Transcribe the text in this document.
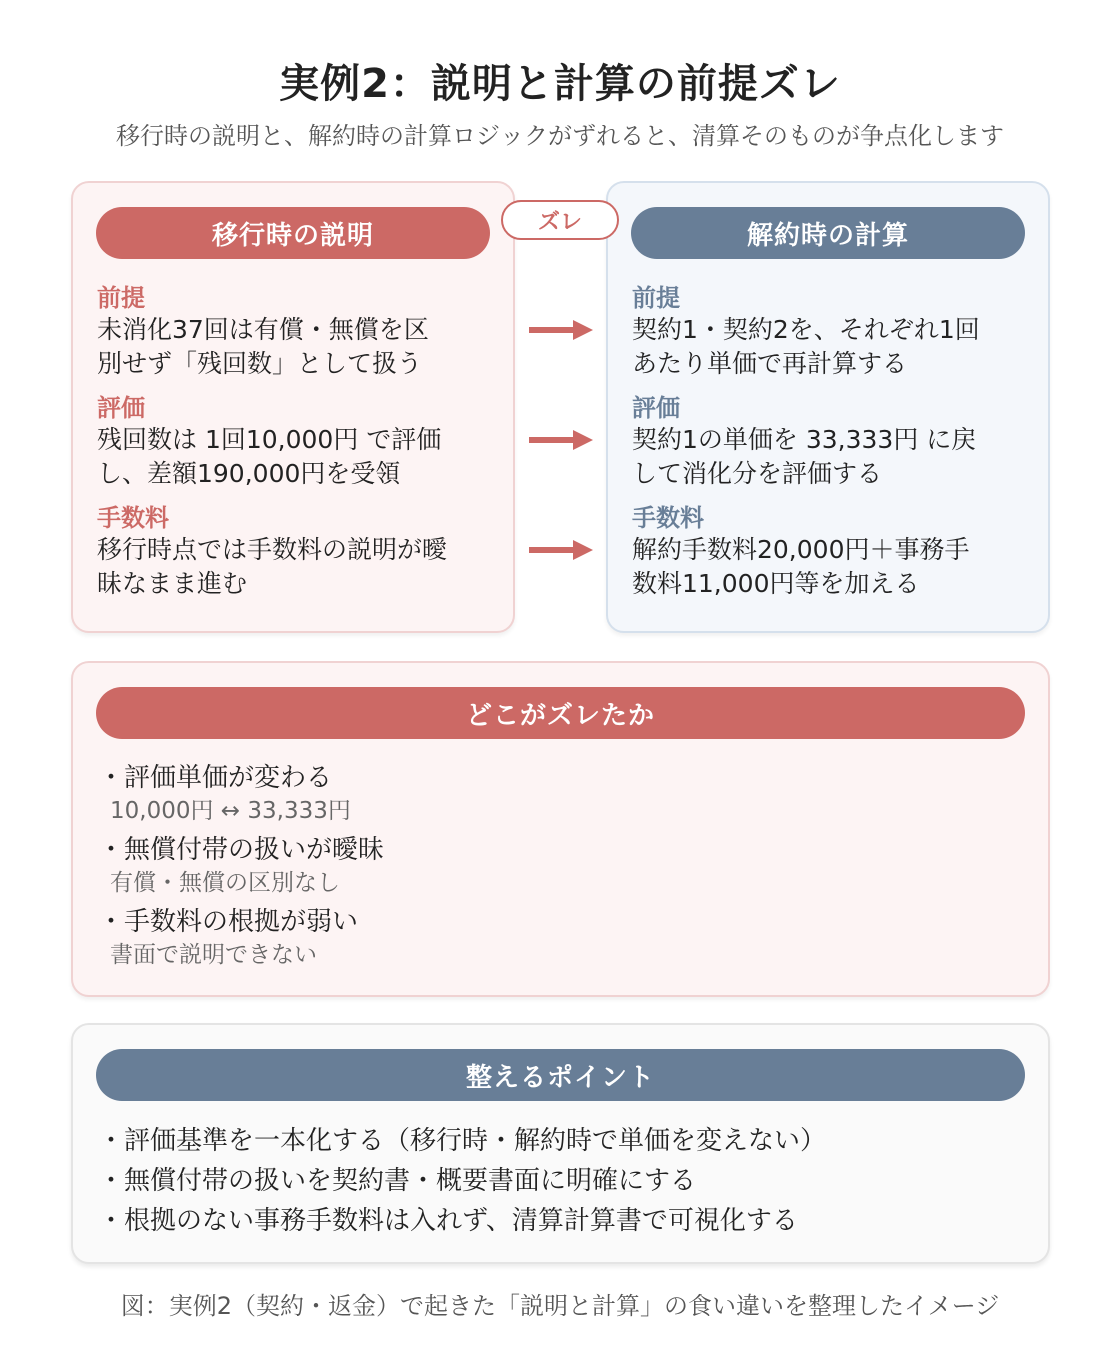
実例2：説明と計算の前提ズレ
移行時の説明と、解約時の計算ロジックがずれると、清算そのものが争点化します
移行時の説明
前提
未消化37回は有償・無償を区
別せず「残回数」として扱う
評価
残回数は 1回10,000円 で評価
し、差額190,000円を受領
手数料
移行時点では手数料の説明が曖
昧なまま進む
解約時の計算
前提
契約1・契約2を、それぞれ1回
あたり単価で再計算する
評価
契約1の単価を 33,333円 に戻
して消化分を評価する
手数料
解約手数料20,000円＋事務手
数料11,000円等を加える
ズレ
どこがズレたか
・評価単価が変わる
10,000円 ↔ 33,333円
・無償付帯の扱いが曖昧
有償・無償の区別なし
・手数料の根拠が弱い
書面で説明できない
整えるポイント
・評価基準を一本化する（移行時・解約時で単価を変えない）
・無償付帯の扱いを契約書・概要書面に明確にする
・根拠のない事務手数料は入れず、清算計算書で可視化する
図：実例2（契約・返金）で起きた「説明と計算」の食い違いを整理したイメージ
